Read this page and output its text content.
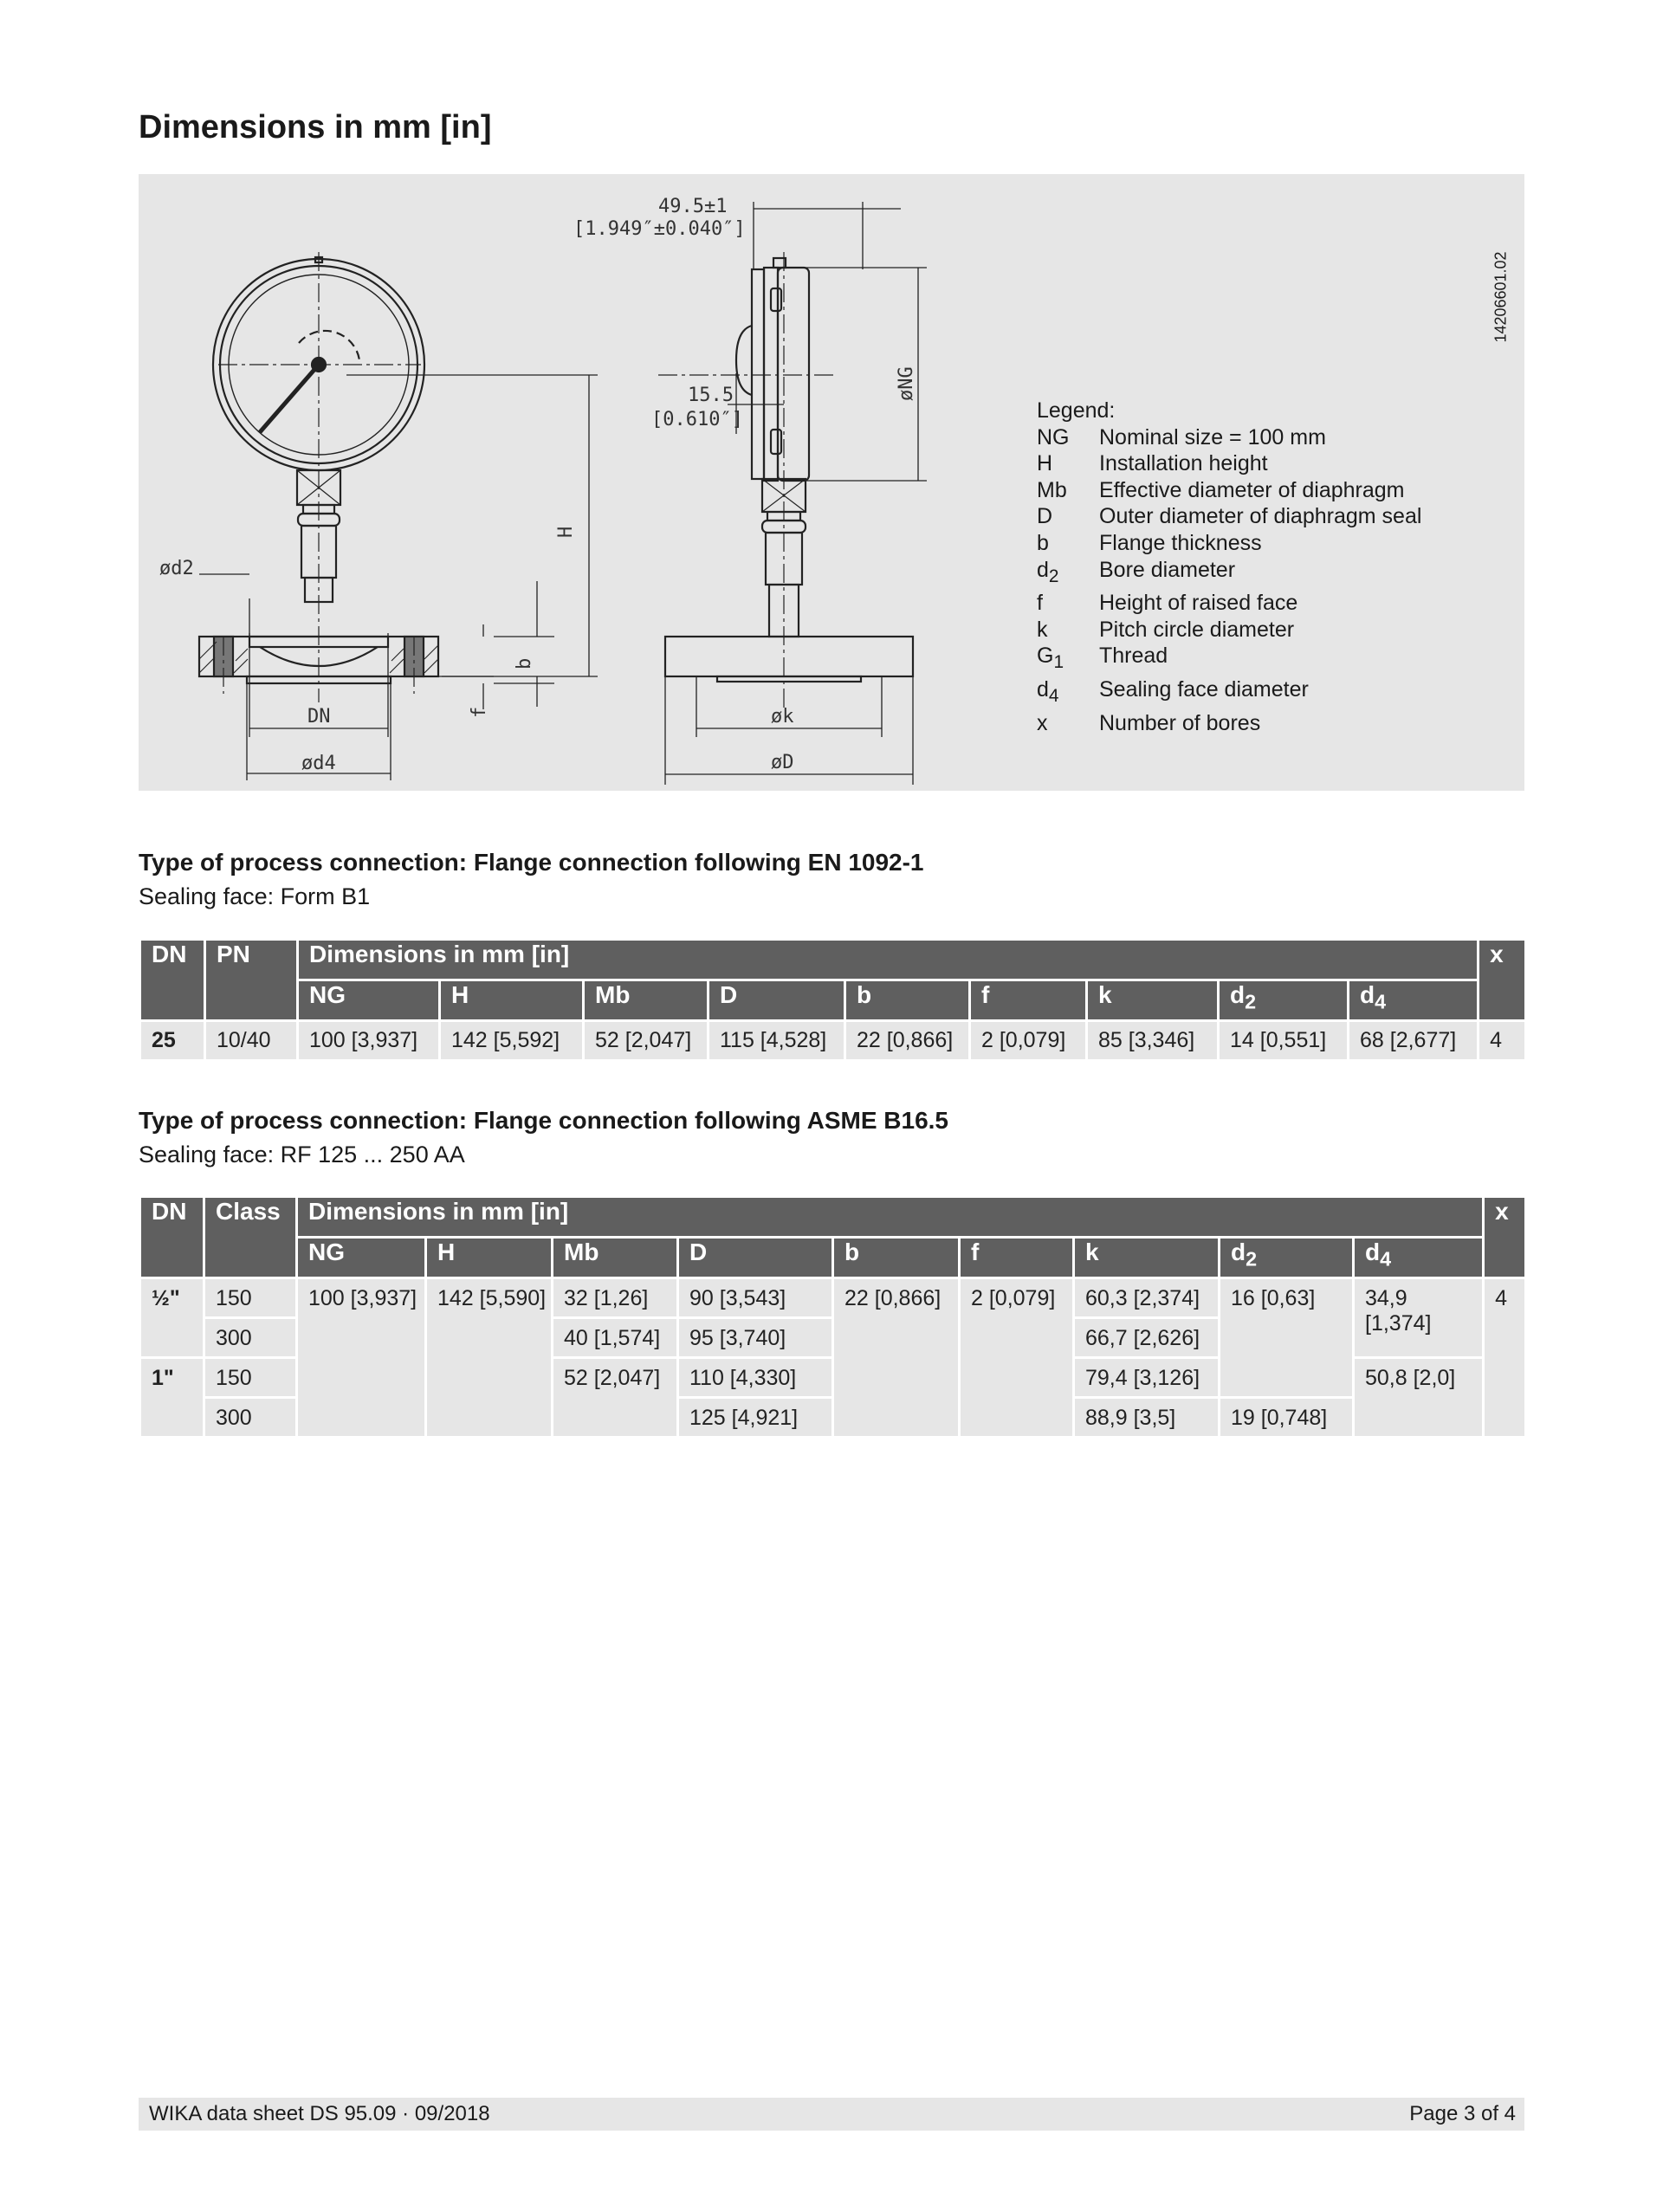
Dimensions in mm [in]
ød2
H
b
f
DN
ød4
49.5±1
[1.949″±0.040″]
15.5
[0.610″]
øNG
øk
øD
14206601.02
Legend:
NG	Nominal size = 100 mm
H	Installation height
Mb	Effective diameter of diaphragm
D	Outer diameter of diaphragm seal
b	Flange thickness
$d_2$	Bore diameter
f	Height of raised face
k	Pitch circle diameter
$G_1$	Thread
$d_4$	Sealing face diameter
x	Number of bores
Type of process connection: Flange connection following EN 1092-1
Sealing face: Form B1
DN	PN	Dimensions in mm [in]									x
		NG	H	Mb	D	b	f	k	$d_2$	$d_4$
25	10/40	100 [3,937]	142 [5,592]	52 [2,047]	115 [4,528]	22 [0,866]	2 [0,079]	85 [3,346]	14 [0,551]	68 [2,677]	4
Type of process connection: Flange connection following ASME B16.5
Sealing face: RF 125 ... 250 AA
DN	Class	Dimensions in mm [in]									x
		NG	H	Mb	D	b	f	k	$d_2$	$d_4$
½"	150	100 [3,937]	142 [5,590]	32 [1,26]	90 [3,543]	22 [0,866]	2 [0,079]	60,3 [2,374]	16 [0,63]	34,9 [1,374]	4
	300			40 [1,574]	95 [3,740]			66,7 [2,626]			
1"	150			52 [2,047]	110 [4,330]			79,4 [3,126]		50,8 [2,0]	
	300				125 [4,921]			88,9 [3,5]	19 [0,748]		
WIKA data sheet DS 95.09 · 09/2018	Page 3 of 4
